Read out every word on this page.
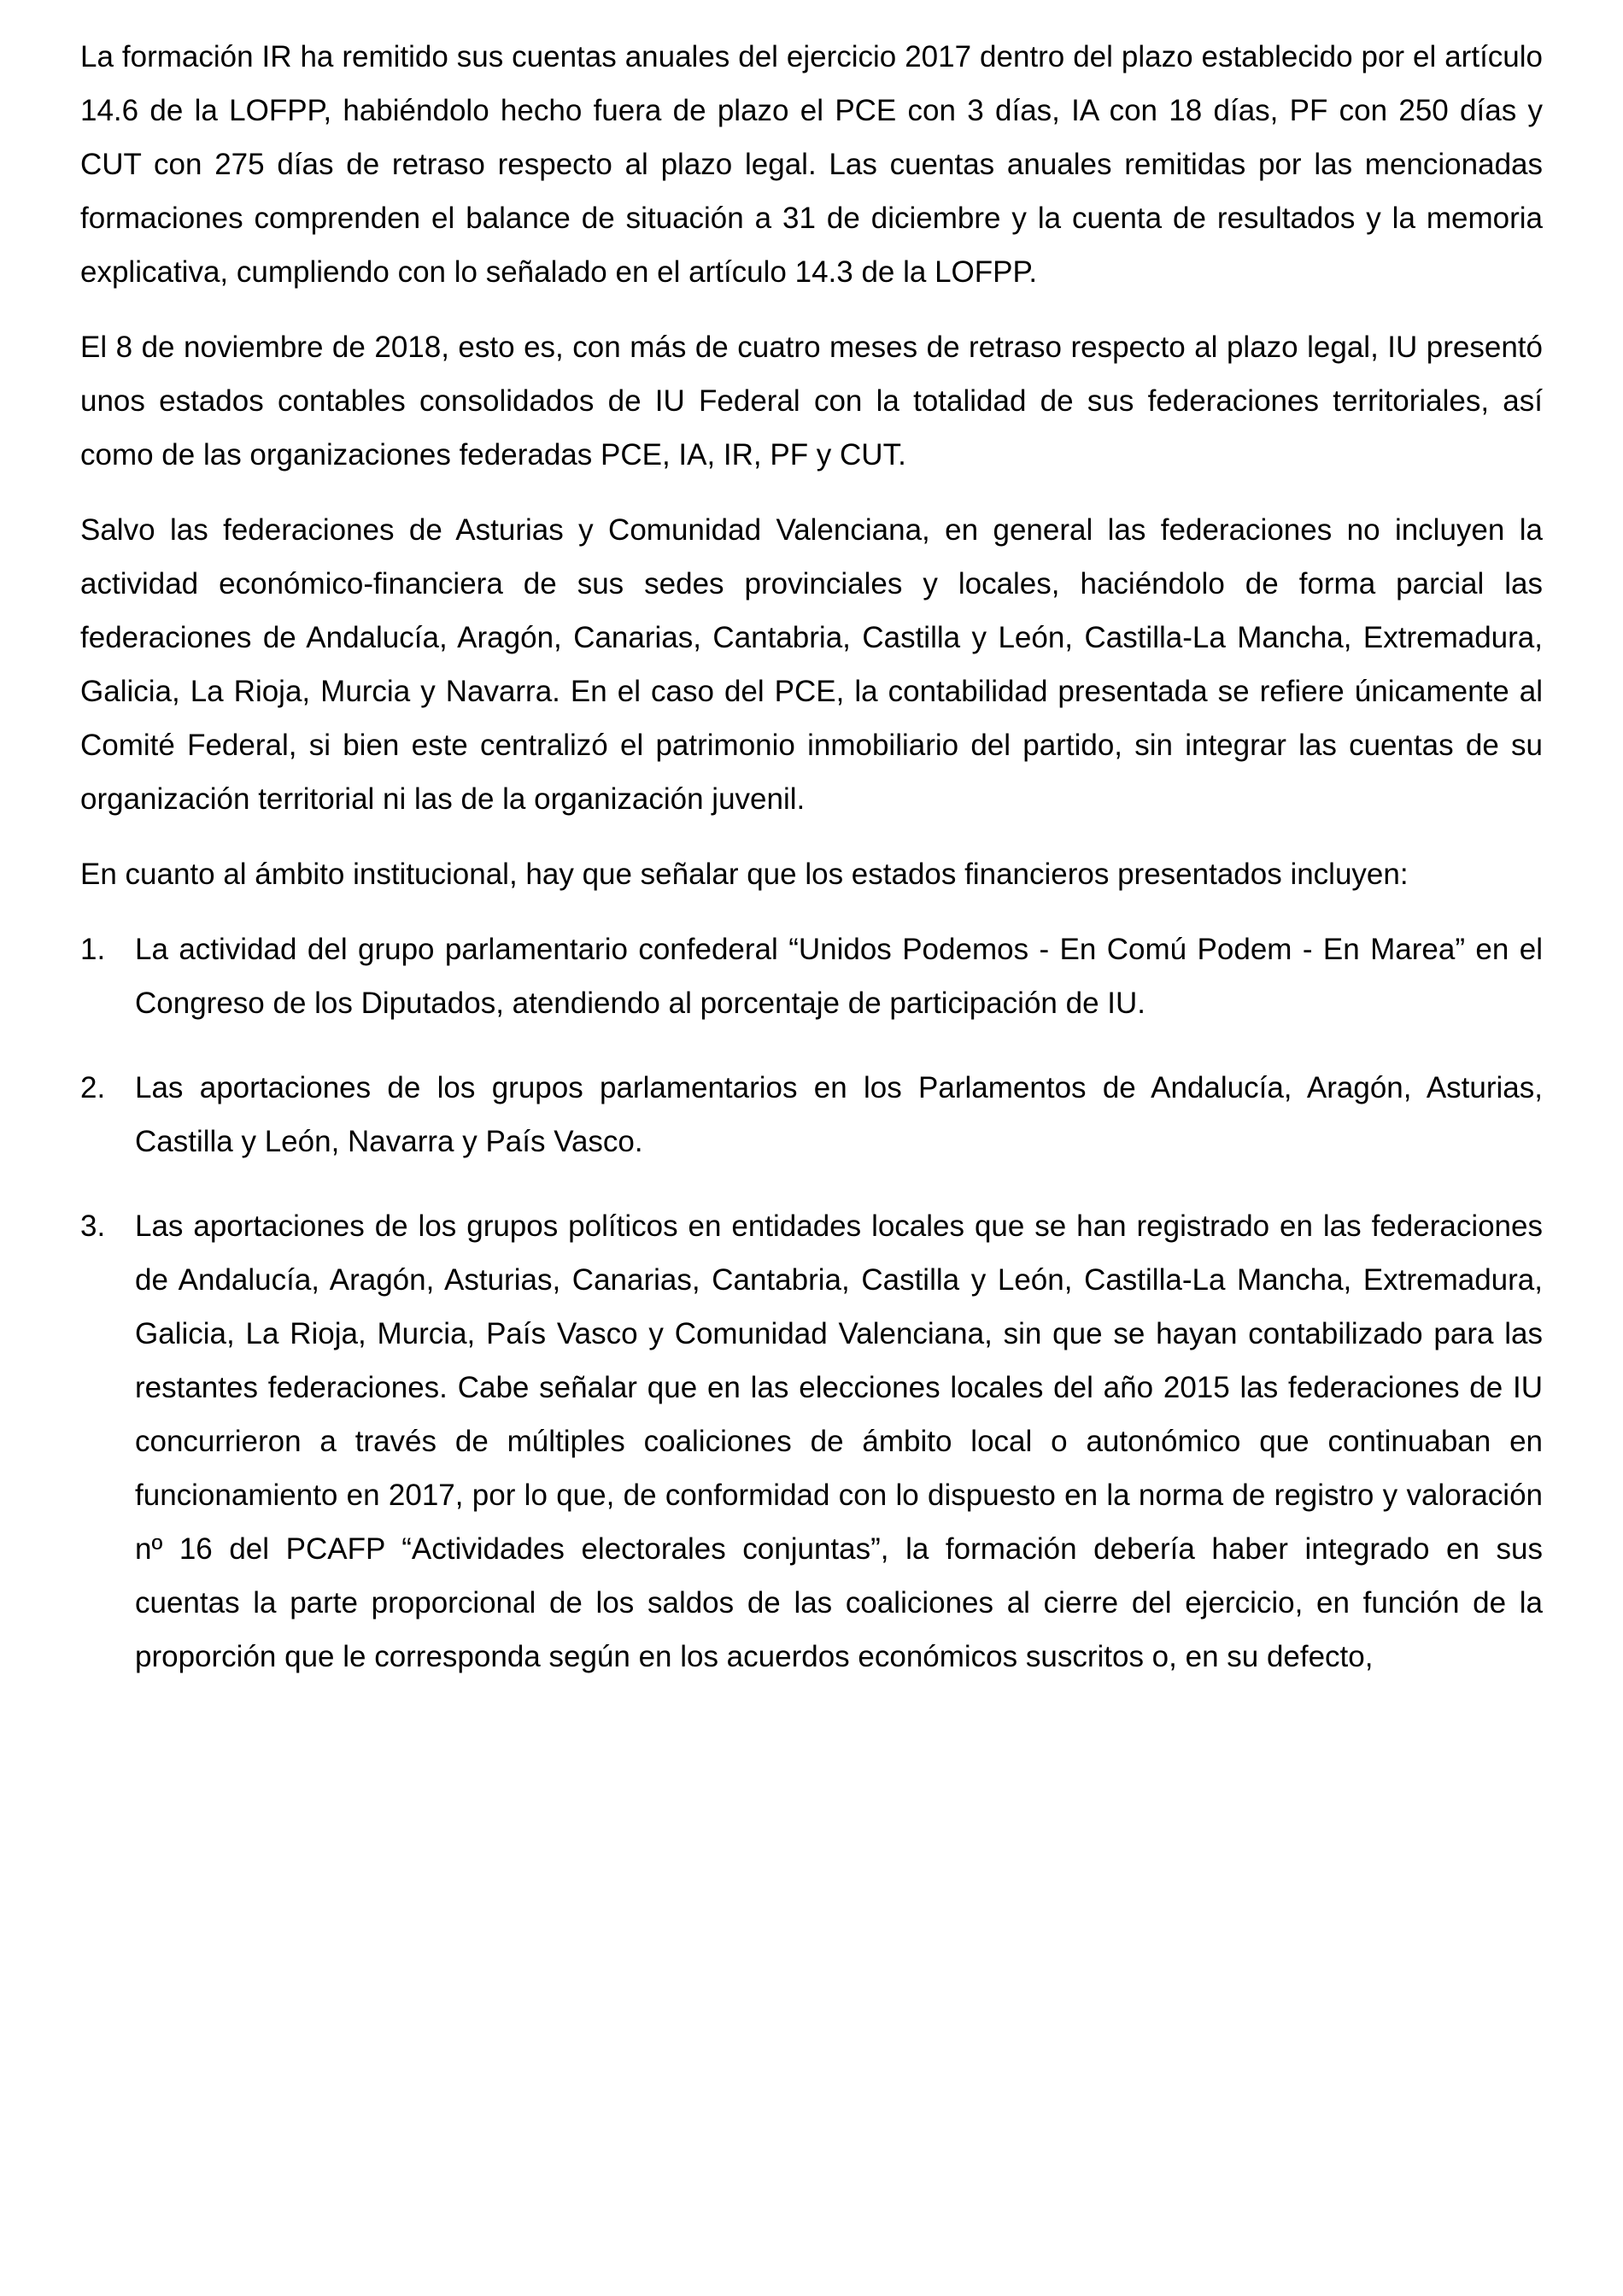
La formación IR ha remitido sus cuentas anuales del ejercicio 2017 dentro del plazo establecido por el artículo 14.6 de la LOFPP, habiéndolo hecho fuera de plazo el PCE con 3 días, IA con 18 días, PF con 250 días y CUT con 275 días de retraso respecto al plazo legal. Las cuentas anuales remitidas por las mencionadas formaciones comprenden el balance de situación a 31 de diciembre y la cuenta de resultados y la memoria explicativa, cumpliendo con lo señalado en el artículo 14.3 de la LOFPP.

El 8 de noviembre de 2018, esto es, con más de cuatro meses de retraso respecto al plazo legal, IU presentó unos estados contables consolidados de IU Federal con la totalidad de sus federaciones territoriales, así como de las organizaciones federadas PCE, IA, IR, PF y CUT.

Salvo las federaciones de Asturias y Comunidad Valenciana, en general las federaciones no incluyen la actividad económico-financiera de sus sedes provinciales y locales, haciéndolo de forma parcial las federaciones de Andalucía, Aragón, Canarias, Cantabria, Castilla y León, Castilla-La Mancha, Extremadura, Galicia, La Rioja, Murcia y Navarra. En el caso del PCE, la contabilidad presentada se refiere únicamente al Comité Federal, si bien este centralizó el patrimonio inmobiliario del partido, sin integrar las cuentas de su organización territorial ni las de la organización juvenil.

En cuanto al ámbito institucional, hay que señalar que los estados financieros presentados incluyen:

1. La actividad del grupo parlamentario confederal “Unidos Podemos - En Comú Podem - En Marea” en el Congreso de los Diputados, atendiendo al porcentaje de participación de IU.
2. Las aportaciones de los grupos parlamentarios en los Parlamentos de Andalucía, Aragón, Asturias, Castilla y León, Navarra y País Vasco.
3. Las aportaciones de los grupos políticos en entidades locales que se han registrado en las federaciones de Andalucía, Aragón, Asturias, Canarias, Cantabria, Castilla y León, Castilla-La Mancha, Extremadura, Galicia, La Rioja, Murcia, País Vasco y Comunidad Valenciana, sin que se hayan contabilizado para las restantes federaciones. Cabe señalar que en las elecciones locales del año 2015 las federaciones de IU concurrieron a través de múltiples coaliciones de ámbito local o autonómico que continuaban en funcionamiento en 2017, por lo que, de conformidad con lo dispuesto en la norma de registro y valoración nº 16 del PCAFP “Actividades electorales conjuntas”, la formación debería haber integrado en sus cuentas la parte proporcional de los saldos de las coaliciones al cierre del ejercicio, en función de la proporción que le corresponda según en los acuerdos económicos suscritos o, en su defecto,
